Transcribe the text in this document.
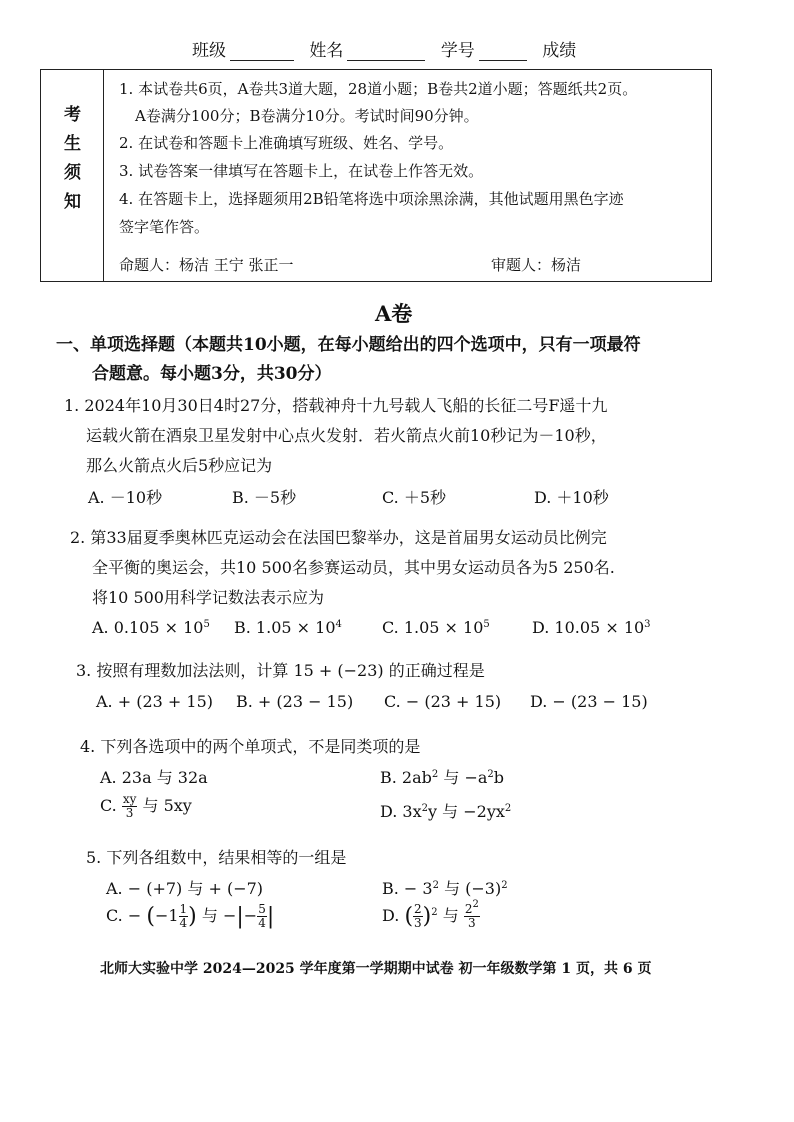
班级	姓名	学号	成绩
考
生
须
知
1. 本试卷共6页，A卷共3道大题，28道小题；B卷共2道小题；答题纸共2页。
A卷满分100分；B卷满分10分。考试时间90分钟。
2. 在试卷和答题卡上准确填写班级、姓名、学号。
3. 试卷答案一律填写在答题卡上，在试卷上作答无效。
4. 在答题卡上，选择题须用2B铅笔将选中项涂黑涂满，其他试题用黑色字迹
签字笔作答。
命题人：杨洁 王宁 张正一	审题人：杨洁
A卷
一、单项选择题（本题共10小题，在每小题给出的四个选项中，只有一项最符
合题意。每小题3分，共30分）
1. 2024年10月30日4时27分，搭载神舟十九号载人飞船的长征二号F遥十九
运载火箭在酒泉卫星发射中心点火发射．若火箭点火前10秒记为－10秒，
那么火箭点火后5秒应记为
A. －10秒	B. －5秒	C. ＋5秒	D. ＋10秒
2. 第33届夏季奥林匹克运动会在法国巴黎举办，这是首届男女运动员比例完
全平衡的奥运会，共10 500名参赛运动员，其中男女运动员各为5 250名.
将10 500用科学记数法表示应为
A. $0.105 \times 10^5$ B. $1.05 \times 10^4$	C. $1.05 \times 10^5$	D. $10.05 \times 10^3$
3. 按照有理数加法法则，计算 15 + (−23) 的正确过程是
A. + (23 + 15) B. + (23 − 15) C. − (23 + 15) D. − (23 − 15)
4. 下列各选项中的两个单项式，不是同类项的是
A. 23a 与 32a	B. $2ab^2$ 与 $-a^2b$
C. $\frac{xy}{3}$ 与 5xy	D. $3x^2y$ 与 $-2yx^2$
5. 下列各组数中，结果相等的一组是
A. − (+7) 与 + (−7)	B. − $3^2$ 与 $(-3)^2$
C. − ($-1 \frac{1}{4}$ ) 与 −|− $\frac{5}{4}$ |	D. ( $\frac{2}{3} )^2$ 与 $\frac{2^2}{3}$
北师大实验中学 2024—2025 学年度第一学期期中试卷 初一年级数学第 1 页，共 6 页
